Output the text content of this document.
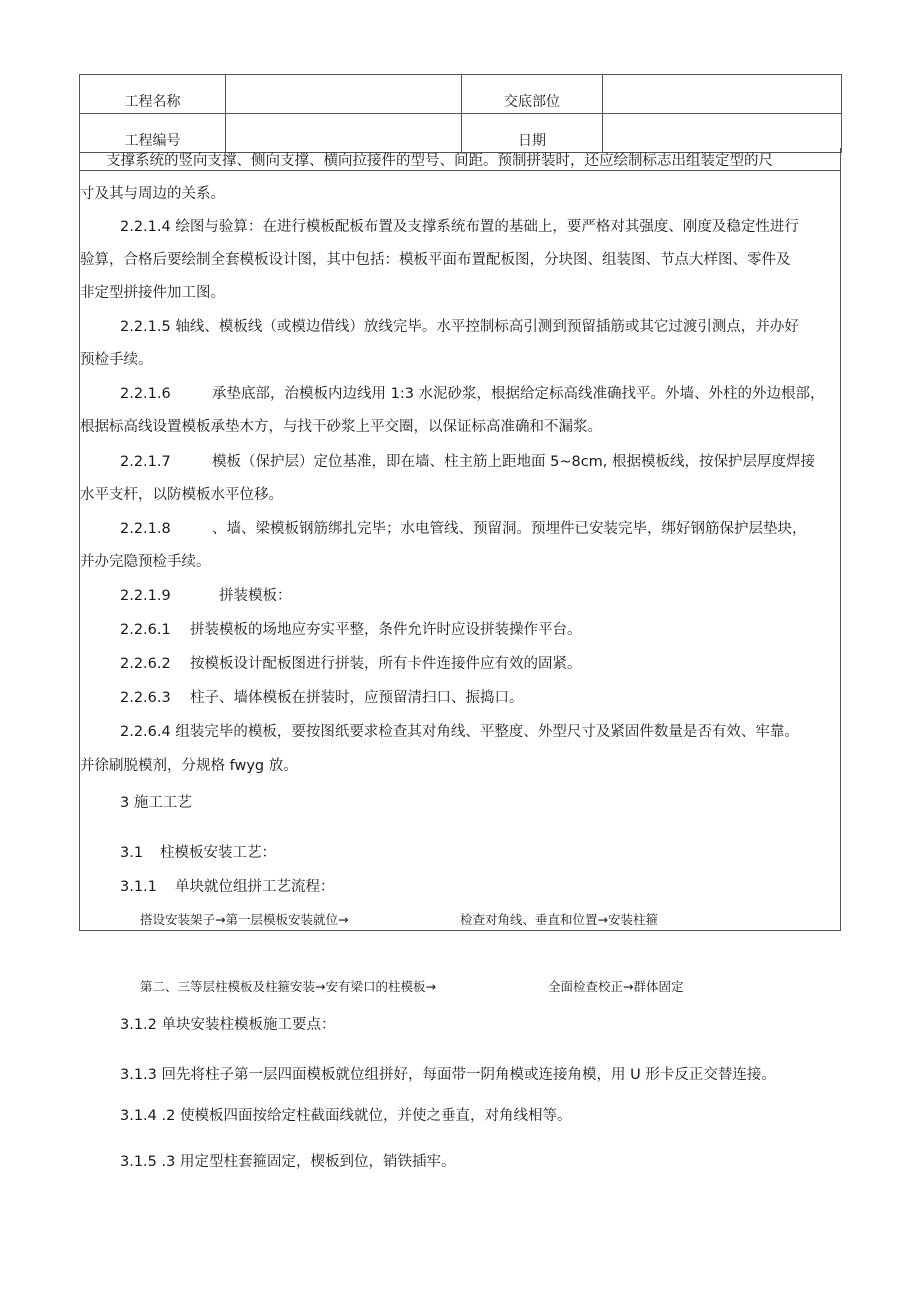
工程名称		交底部位	
工程编号		日期	
支撑系统的竖向支撑、侧向支撑、横向拉接件的型号、间距。预制拼装时，还应绘制标志出组装定型的尺
寸及其与周边的关系。
2.2.1.4 绘图与验算：在进行模板配板布置及支撑系统布置的基础上，要严格对其强度、刚度及稳定性进行
验算，合格后要绘制全套模板设计图，其中包括：模板平面布置配板图，分块图、组装图、节点大样图、零件及
非定型拼接件加工图。
2.2.1.5 轴线、模板线（或模边借线）放线完毕。水平控制标高引测到预留插筋或其它过渡引测点，并办好
预检手续。
2.2.1.6	承垫底部，治模板内边线用 1:3 水泥砂浆，根据给定标高线准确找平。外墙、外柱的外边根部，
根据标高线设置模板承垫木方，与找干砂浆上平交圈，以保证标高准确和不漏浆。
2.2.1.7	模板（保护层）定位基准，即在墙、柱主筋上距地面 5~8cm, 根据模板线，按保护层厚度焊接
水平支杆，以防模板水平位移。
2.2.1.8	、墙、梁模板钢筋绑扎完毕；水电管线、预留洞。预埋件已安装完毕，绑好钢筋保护层垫块，
并办完隐预检手续。
2.2.1.9	拼装模板：
2.2.6.1 拼装模板的场地应夯实平整，条件允许时应设拼装操作平台。
2.2.6.2 按模板设计配板图进行拼装，所有卡件连接件应有效的固紧。
2.2.6.3 柱子、墙体模板在拼装时，应预留清扫口、振捣口。
2.2.6.4 组装完毕的模板，要按图纸要求检查其对角线、平整度、外型尺寸及紧固件数量是否有效、牢靠。
并徐刷脱模剂，分规格 fwyg 放。
3 施工工艺
3.1 柱模板安装工艺：
3.1.1 单块就位组拼工艺流程：
搭设安装架子→第一层模板安装就位→	检查对角线、垂直和位置→安装柱箍
第二、三等层柱模板及柱箍安装→安有梁口的柱模板→	全面检查校正→群体固定
3.1.2 单块安装柱模板施工要点：
3.1.3 回先将柱子第一层四面模板就位组拼好，每面带一阴角模或连接角模，用 U 形卡反正交替连接。
3.1.4 .2 使模板四面按给定柱截面线就位，并使之垂直，对角线相等。
3.1.5 .3 用定型柱套箍固定，楔板到位，销铁插牢。
